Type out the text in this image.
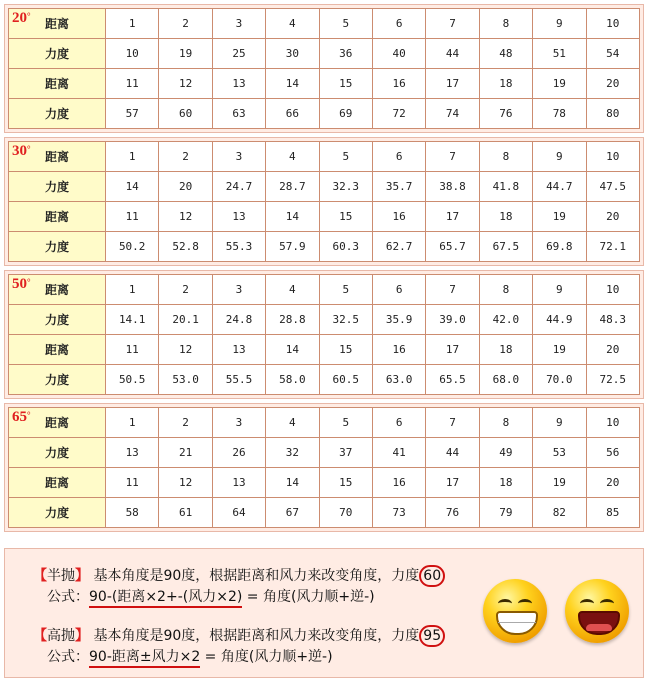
20°
距离	1	2	3	4	5	6	7	8	9	10
力度	10	19	25	30	36	40	44	48	51	54
距离	11	12	13	14	15	16	17	18	19	20
力度	57	60	63	66	69	72	74	76	78	80
30°
距离	1	2	3	4	5	6	7	8	9	10
力度	14	20	24.7	28.7	32.3	35.7	38.8	41.8	44.7	47.5
距离	11	12	13	14	15	16	17	18	19	20
力度	50.2	52.8	55.3	57.9	60.3	62.7	65.7	67.5	69.8	72.1
50°
距离	1	2	3	4	5	6	7	8	9	10
力度	14.1	20.1	24.8	28.8	32.5	35.9	39.0	42.0	44.9	48.3
距离	11	12	13	14	15	16	17	18	19	20
力度	50.5	53.0	55.5	58.0	60.5	63.0	65.5	68.0	70.0	72.5
65°
距离	1	2	3	4	5	6	7	8	9	10
力度	13	21	26	32	37	41	44	49	53	56
距离	11	12	13	14	15	16	17	18	19	20
力度	58	61	64	67	70	73	76	79	82	85
【半抛】 基本角度是90度，根据距离和风力来改变角度，力度 60
公式：90-(距离×2+-(风力×2) = 角度(风力顺+逆-)
【高抛】 基本角度是90度，根据距离和风力来改变角度，力度 95
公式：90-距离±风力×2 = 角度(风力顺+逆-)
